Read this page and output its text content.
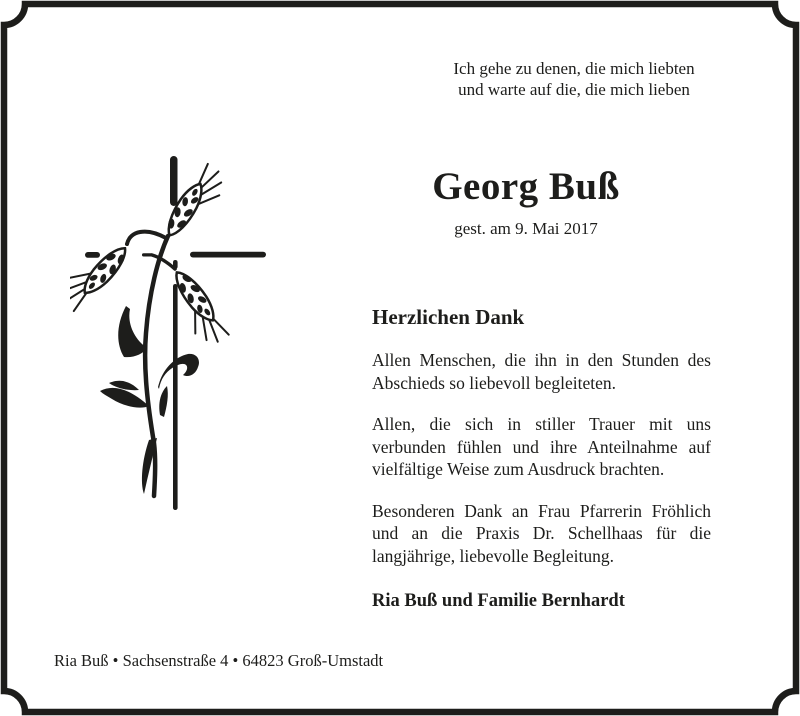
Ich gehe zu denen, die mich liebten
und warte auf die, die mich lieben
Georg Buß
gest. am 9. Mai 2017
Herzlichen Dank

Allen Menschen, die ihn in den Stunden des Abschieds so liebevoll begleiteten.

Allen, die sich in stiller Trauer mit uns verbunden fühlen und ihre Anteilnahme auf vielfältige Weise zum Ausdruck brachten.

Besonderen Dank an Frau Pfarrerin Fröhlich und an die Praxis Dr. Schellhaas für die langjährige, liebevolle Begleitung.

Ria Buß und Familie Bernhardt
Ria Buß • Sachsenstraße 4 • 64823 Groß-Umstadt
